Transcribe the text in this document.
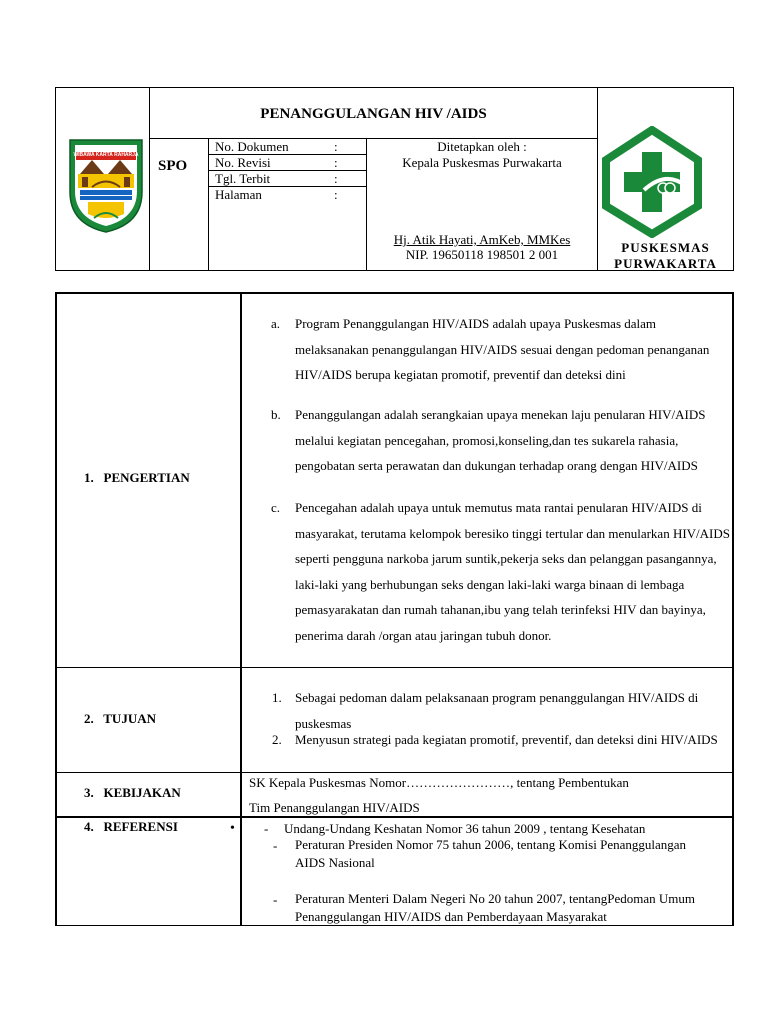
WIBAWA KARTA RAHARJA
PENANGGULANGAN HIV /AIDS
SPO
No. Dokumen	:
No. Revisi	:
Tgl. Terbit	:
Halaman	:
Ditetapkan oleh :
Kepala Puskesmas Purwakarta
Hj. Atik Hayati, AmKeb, MMKes
NIP. 19650118 198501 2 001	PUSKESMAS
PURWAKARTA
1.   PENGERTIAN
a. Program Penanggulangan HIV/AIDS adalah upaya Puskesmas dalam melaksanakan penanggulangan HIV/AIDS sesuai dengan pedoman penanganan HIV/AIDS berupa kegiatan promotif, preventif dan deteksi dini
b. Penanggulangan adalah serangkaian upaya menekan laju penularan HIV/AIDS melalui kegiatan pencegahan, promosi,konseling,dan tes sukarela rahasia, pengobatan serta perawatan dan dukungan terhadap orang dengan HIV/AIDS
c. Pencegahan adalah upaya untuk memutus mata rantai penularan HIV/AIDS di masyarakat, terutama kelompok beresiko tinggi tertular dan menularkan HIV/AIDS seperti pengguna narkoba jarum suntik,pekerja seks dan pelanggan pasangannya, laki-laki yang berhubungan seks dengan laki-laki warga binaan di lembaga pemasyarakatan dan rumah tahanan,ibu yang telah terinfeksi HIV dan bayinya, penerima darah /organ atau jaringan tubuh donor.
2.   TUJUAN
1. Sebagai pedoman dalam pelaksanaan program penanggulangan HIV/AIDS di puskesmas
2. Menyusun strategi pada kegiatan promotif, preventif, dan deteksi dini HIV/AIDS
3.   KEBIJAKAN
SK Kepala Puskesmas Nomor……………………, tentang Pembentukan
Tim Penanggulangan HIV/AIDS
4.   REFERENSI	• - Undang-Undang Keshatan Nomor 36 tahun 2009 , tentang Kesehatan
- Peraturan Presiden Nomor 75 tahun 2006, tentang Komisi Penanggulangan AIDS Nasional
- Peraturan Menteri Dalam Negeri No 20 tahun 2007, tentangPedoman Umum Penanggulangan HIV/AIDS dan Pemberdayaan Masyarakat
